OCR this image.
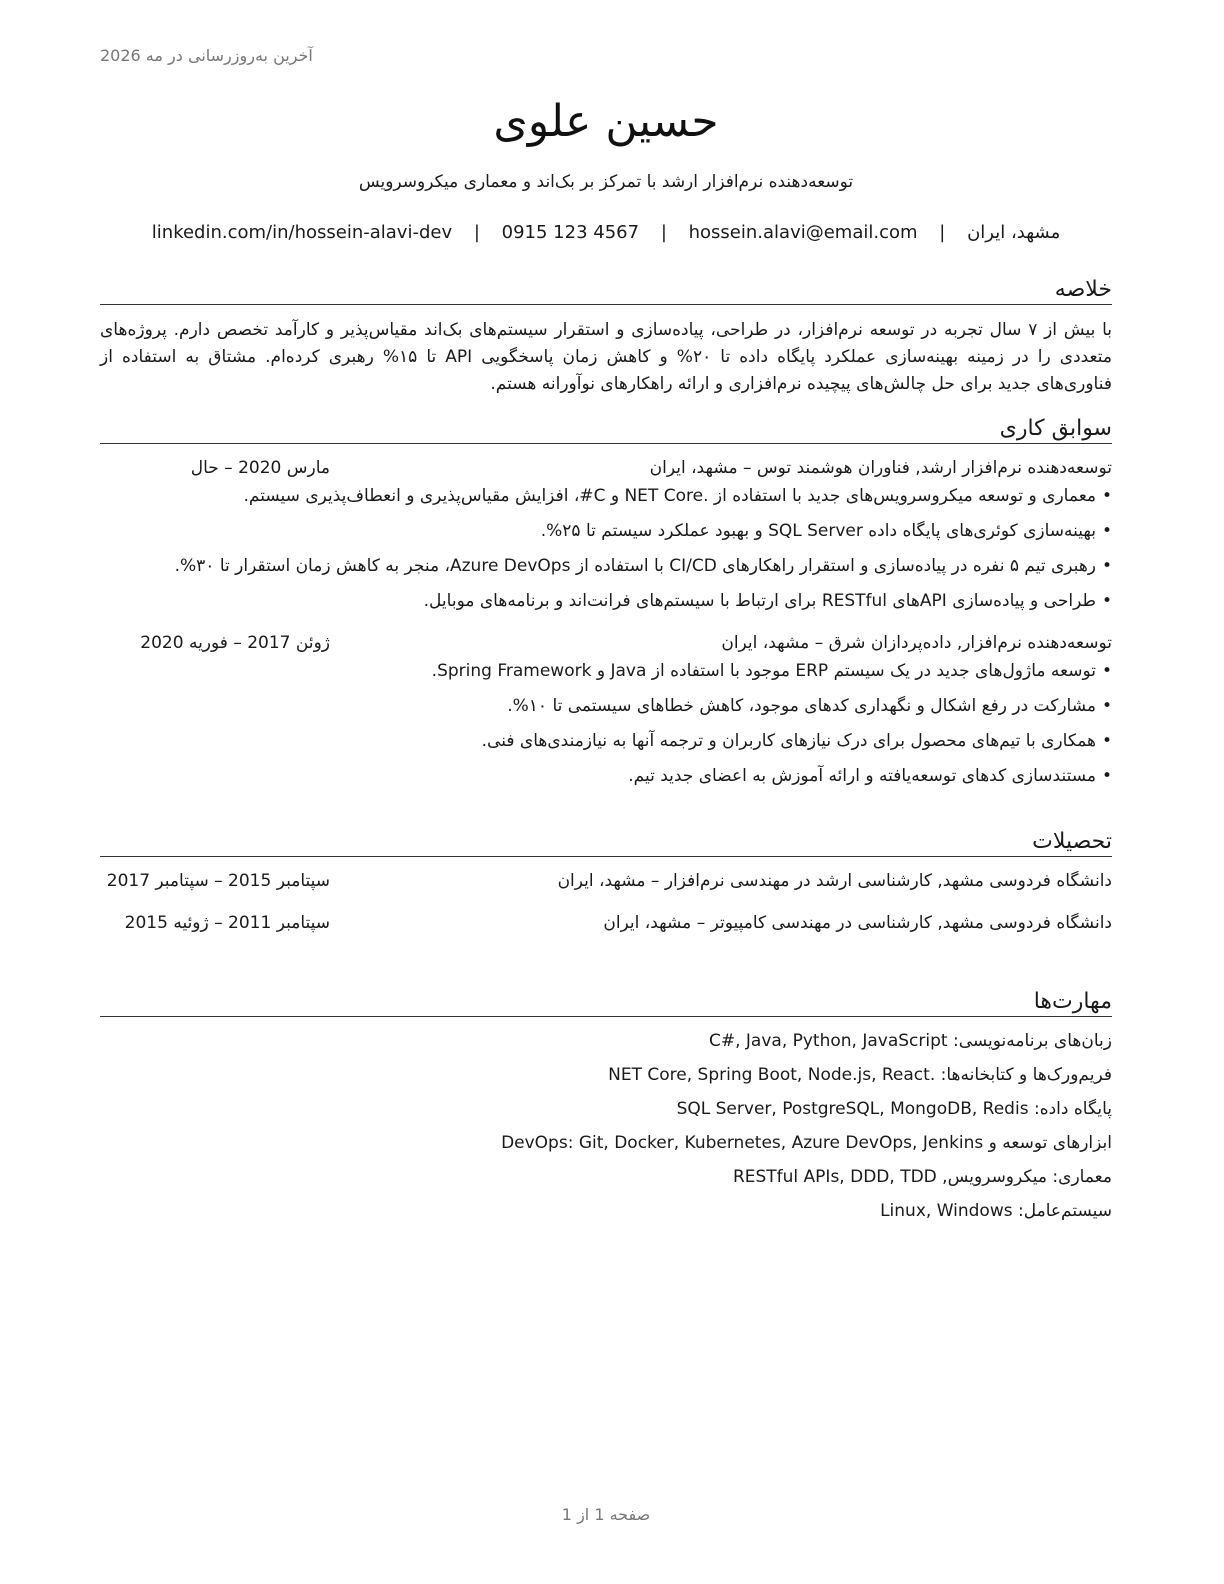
آخرین به‌روزرسانی در مه 2026
حسین علوی
توسعه‌دهنده نرم‌افزار ارشد با تمرکز بر بک‌اند و معماری میکروسرویس
مشهد، ایران | hossein.alavi@email.com | 0915 123 4567 | linkedin.com/in/hossein-alavi-dev
خلاصه

با بیش از ۷ سال تجربه در توسعه نرم‌افزار، در طراحی، پیاده‌سازی و استقرار سیستم‌های بک‌اند مقیاس‌پذیر و کارآمد تخصص دارم. پروژه‌های متعددی را در زمینه بهینه‌سازی عملکرد پایگاه داده تا ۲۰% و کاهش زمان پاسخگویی API تا ۱۵% رهبری کرده‌ام. مشتاق به استفاده از فناوری‌های جدید برای حل چالش‌های پیچیده نرم‌افزاری و ارائه راهکارهای نوآورانه هستم.

سوابق کاری
توسعه‌دهنده نرم‌افزار ارشد, فناوران هوشمند توس – مشهد، ایران
مارس 2020 – حال
• معماری و توسعه میکروسرویس‌های جدید با استفاده از .NET Core و C#، افزایش مقیاس‌پذیری و انعطاف‌پذیری سیستم.
• بهینه‌سازی کوئری‌های پایگاه داده SQL Server و بهبود عملکرد سیستم تا ۲۵%.
• رهبری تیم ۵ نفره در پیاده‌سازی و استقرار راهکارهای CI/CD با استفاده از Azure DevOps، منجر به کاهش زمان استقرار تا ۳۰%.
• طراحی و پیاده‌سازی APIهای RESTful برای ارتباط با سیستم‌های فرانت‌اند و برنامه‌های موبایل.
توسعه‌دهنده نرم‌افزار, داده‌پردازان شرق – مشهد، ایران
ژوئن 2017 – فوریه 2020
• توسعه ماژول‌های جدید در یک سیستم ERP موجود با استفاده از Java و Spring Framework.
• مشارکت در رفع اشکال و نگهداری کدهای موجود، کاهش خطاهای سیستمی تا ۱۰%.
• همکاری با تیم‌های محصول برای درک نیازهای کاربران و ترجمه آنها به نیازمندی‌های فنی.
• مستندسازی کدهای توسعه‌یافته و ارائه آموزش به اعضای جدید تیم.
تحصیلات
دانشگاه فردوسی مشهد, کارشناسی ارشد در مهندسی نرم‌افزار – مشهد، ایران
سپتامبر 2015 – سپتامبر 2017
دانشگاه فردوسی مشهد, کارشناسی در مهندسی کامپیوتر – مشهد، ایران
سپتامبر 2011 – ژوئیه 2015
مهارت‌ها
زبان‌های برنامه‌نویسی: C#, Java, Python, JavaScript
فریم‌ورک‌ها و کتابخانه‌ها: .NET Core, Spring Boot, Node.js, React
پایگاه داده: SQL Server, PostgreSQL, MongoDB, Redis
ابزارهای توسعه و DevOps: Git, Docker, Kubernetes, Azure DevOps, Jenkins
معماری: میکروسرویس, RESTful APIs, DDD, TDD
سیستم‌عامل: Linux, Windows
صفحه 1 از 1
